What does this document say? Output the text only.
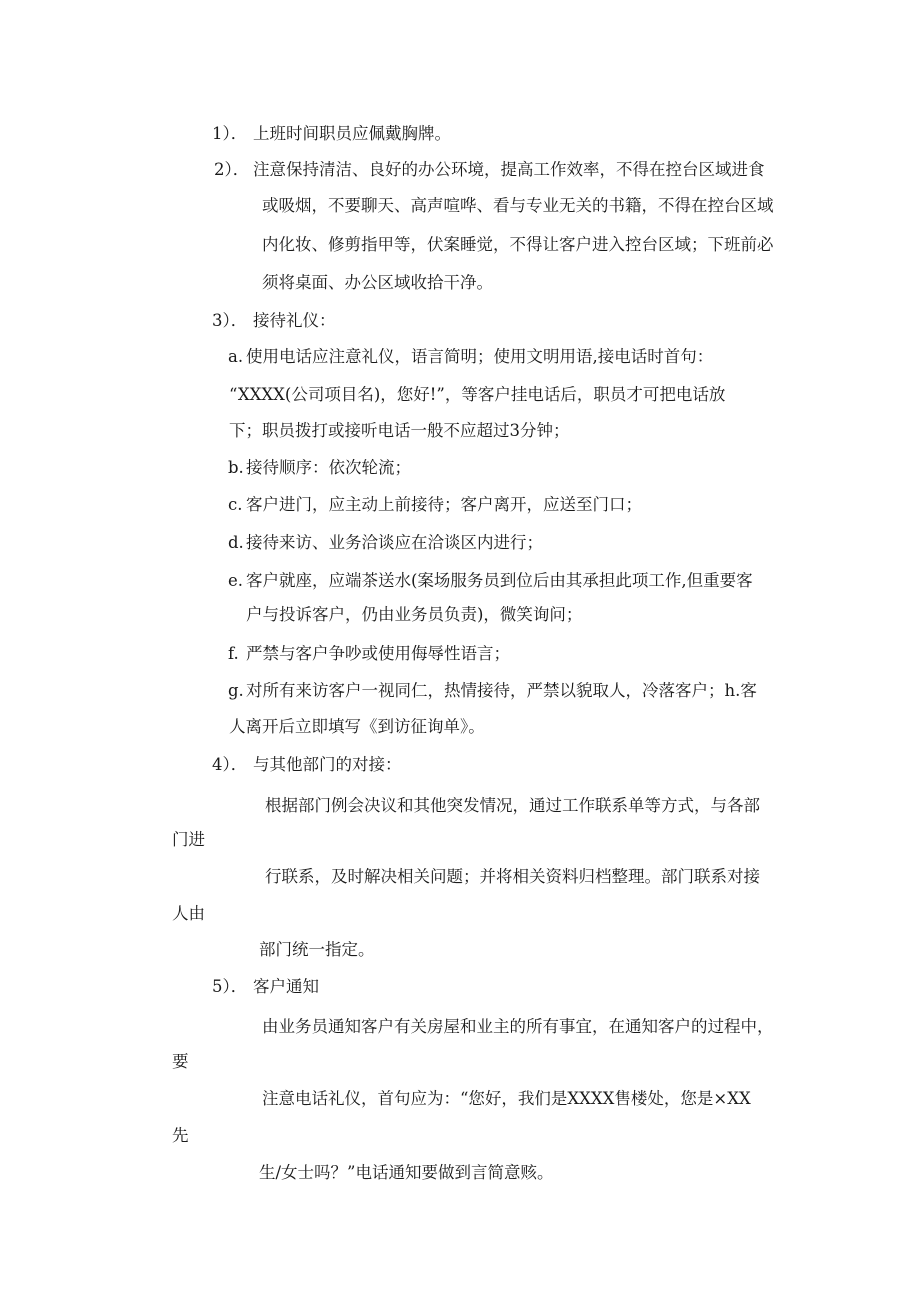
1）． 上班时间职员应佩戴胸牌。
2）． 注意保持清洁、良好的办公环境，提高工作效率，不得在控台区域进食
或吸烟，不要聊天、高声喧哗、看与专业无关的书籍，不得在控台区域
内化妆、修剪指甲等，伏案睡觉，不得让客户进入控台区域；下班前必
须将桌面、办公区域收拾干净。
3）． 接待礼仪：
a. 使用电话应注意礼仪，语言简明；使用文明用语,接电话时首句：
“XXXX(公司项目名)，您好!”，等客户挂电话后，职员才可把电话放
下；职员拨打或接听电话一般不应超过3分钟；
b. 接待顺序：依次轮流；
c. 客户进门，应主动上前接待；客户离开，应送至门口；
d. 接待来访、业务洽谈应在洽谈区内进行；
e. 客户就座，应端茶送水(案场服务员到位后由其承担此项工作,但重要客
户与投诉客户，仍由业务员负责)，微笑询问；
f. 严禁与客户争吵或使用侮辱性语言；
g. 对所有来访客户一视同仁，热情接待，严禁以貌取人，冷落客户；h.客
人离开后立即填写《到访征询单》。
4）． 与其他部门的对接：
根据部门例会决议和其他突发情况，通过工作联系单等方式，与各部
门进
行联系，及时解决相关问题；并将相关资料归档整理。部门联系对接
人由
部门统一指定。
5）． 客户通知
由业务员通知客户有关房屋和业主的所有事宜，在通知客户的过程中，
要
注意电话礼仪，首句应为：“您好，我们是XXXX售楼处，您是×XX
先
生/女士吗？”电话通知要做到言简意赅。
